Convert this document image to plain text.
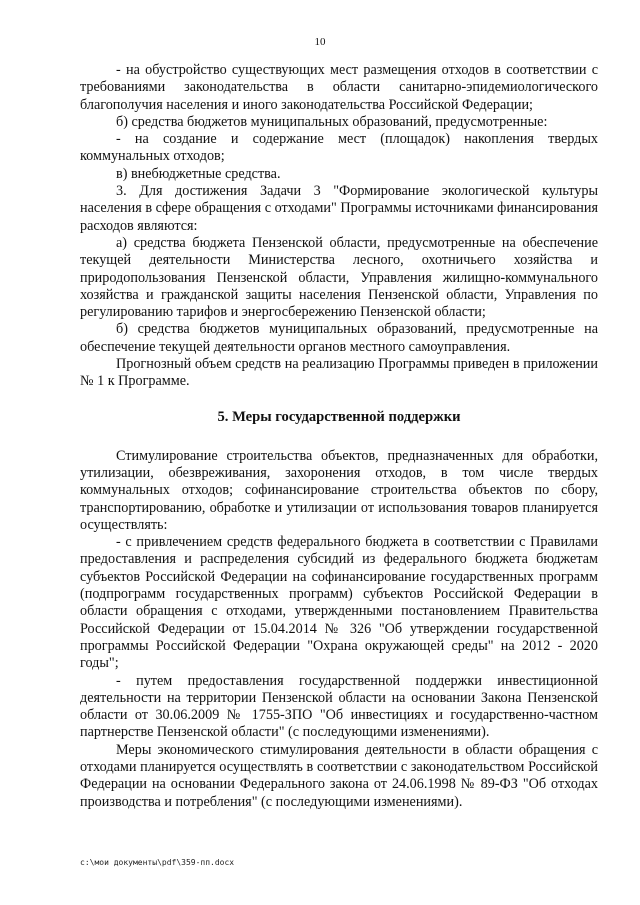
10

- на обустройство существующих мест размещения отходов в соответствии с требованиями законодательства в области санитарно-эпидемиологического благополучия населения и иного законодательства Российской Федерации;

б) средства бюджетов муниципальных образований, предусмотренные:

- на создание и содержание мест (площадок) накопления твердых коммунальных отходов;

в) внебюджетные средства.

3. Для достижения Задачи 3 "Формирование экологической культуры населения в сфере обращения с отходами" Программы источниками финансирования расходов являются:

а) средства бюджета Пензенской области, предусмотренные на обеспечение текущей деятельности Министерства лесного, охотничьего хозяйства и природопользования Пензенской области, Управления жилищно-коммунального хозяйства и гражданской защиты населения Пензенской области, Управления по регулированию тарифов и энергосбережению Пензенской области;

б) средства бюджетов муниципальных образований, предусмотренные на обеспечение текущей деятельности органов местного самоуправления.

Прогнозный объем средств на реализацию Программы приведен в приложении № 1 к Программе.

5. Меры государственной поддержки

Стимулирование строительства объектов, предназначенных для обработки, утилизации, обезвреживания, захоронения отходов, в том числе твердых коммунальных отходов; софинансирование строительства объектов по сбору, транспортированию, обработке и утилизации от использования товаров планируется осуществлять:

- с привлечением средств федерального бюджета в соответствии с Правилами предоставления и распределения субсидий из федерального бюджета бюджетам субъектов Российской Федерации на софинансирование государственных программ (подпрограмм государственных программ) субъектов Российской Федерации в области обращения с отходами, утвержденными постановлением Правительства Российской Федерации от 15.04.2014 № 326 "Об утверждении государственной программы Российской Федерации "Охрана окружающей среды" на 2012 - 2020 годы";

- путем предоставления государственной поддержки инвестиционной деятельности на территории Пензенской области на основании Закона Пензенской области от 30.06.2009 № 1755-ЗПО "Об инвестициях и государственно-частном партнерстве Пензенской области" (с последующими изменениями).

Меры экономического стимулирования деятельности в области обращения с отходами планируется осуществлять в соответствии с законодательством Российской Федерации на основании Федерального закона от 24.06.1998 № 89-ФЗ "Об отходах производства и потребления" (с последующими изменениями).

c:\мои документы\pdf\359-пп.docx
